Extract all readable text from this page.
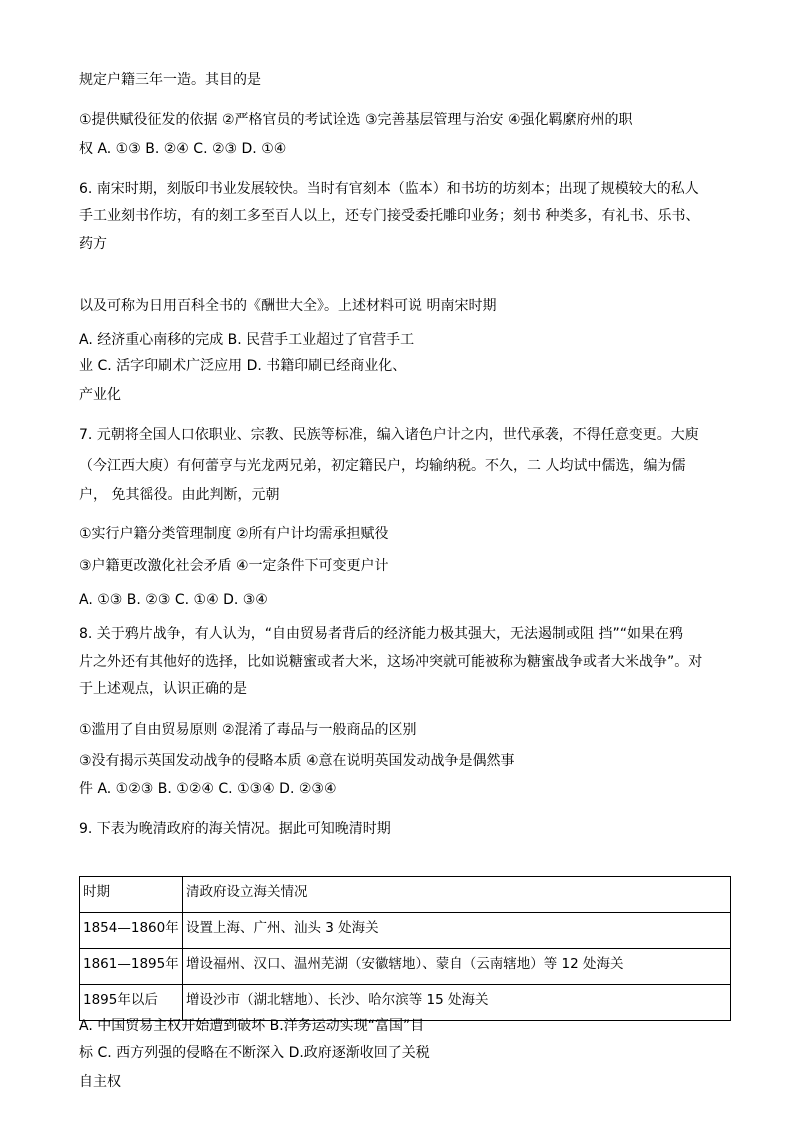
规定户籍三年一造。其目的是
①提供赋役征发的依据 ②严格官员的考试诠选 ③完善基层管理与治安 ④强化羁縻府州的职
权 A. ①③ B. ②④ C. ②③ D. ①④
6. 南宋时期，刻版印书业发展较快。当时有官刻本（监本）和书坊的坊刻本；出现了规模较大的私人
手工业刻书作坊，有的刻工多至百人以上，还专门接受委托雕印业务；刻书 种类多，有礼书、乐书、
药方
以及可称为日用百科全书的《酬世大全》。上述材料可说 明南宋时期
A. 经济重心南移的完成 B. 民营手工业超过了官营手工
业 C. 活字印刷术广泛应用 D. 书籍印刷已经商业化、
产业化
7. 元朝将全国人口依职业、宗教、民族等标准，编入诸色户计之内，世代承袭，不得任意变更。大庾
（今江西大庾）有何蕾亨与光龙两兄弟，初定籍民户，均输纳税。不久，二 人均试中儒选，编为儒
户， 免其徭役。由此判断，元朝
①实行户籍分类管理制度 ②所有户计均需承担赋役
③户籍更改激化社会矛盾 ④一定条件下可变更户计
A. ①③ B. ②③ C. ①④ D. ③④
8. 关于鸦片战争，有人认为，“自由贸易者背后的经济能力极其强大，无法遏制或阻 挡”“如果在鸦
片之外还有其他好的选择，比如说糖蜜或者大米，这场冲突就可能被称为糖蜜战争或者大米战争”。对
于上述观点，认识正确的是
①滥用了自由贸易原则 ②混淆了毒品与一般商品的区别
③没有揭示英国发动战争的侵略本质 ④意在说明英国发动战争是偶然事
件 A. ①②③ B. ①②④ C. ①③④ D. ②③④
9. 下表为晚清政府的海关情况。据此可知晚清时期
时期	清政府设立海关情况
1854—1860年	设置上海、广州、汕头 3 处海关
1861—1895年	增设福州、汉口、温州芜湖（安徽辖地）、蒙自（云南辖地）等 12 处海关
1895年以后	增设沙市（湖北辖地）、长沙、哈尔滨等 15 处海关
A. 中国贸易主权开始遭到破坏 B.洋务运动实现“富国”目
标 C. 西方列强的侵略在不断深入 D.政府逐渐收回了关税
自主权
